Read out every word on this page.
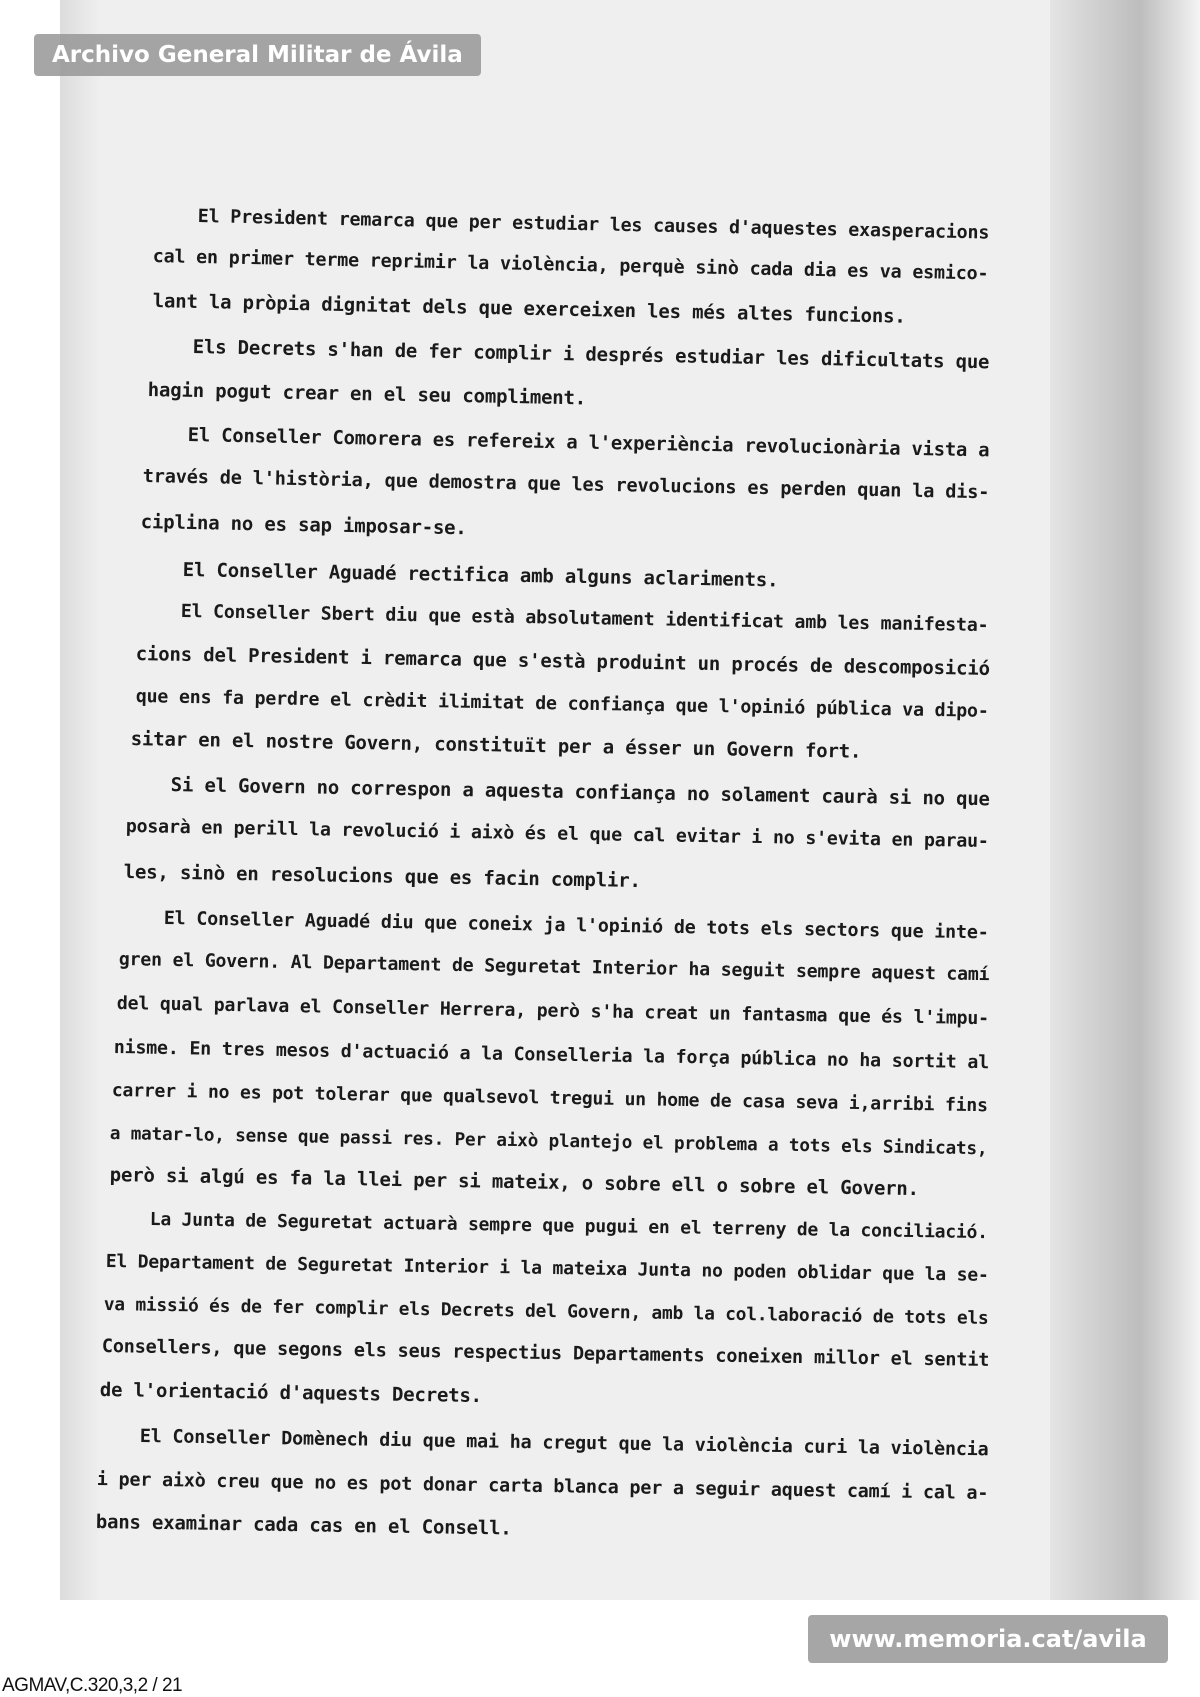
Archivo General Militar de Ávila
El President remarca que per estudiar les causes d'aquestes exasperacions
cal en primer terme reprimir la violència, perquè sinò cada dia es va esmico-
lant la pròpia dignitat dels que exerceixen les més altes funcions.
Els Decrets s'han de fer complir i després estudiar les dificultats que
hagin pogut crear en el seu compliment.
El Conseller Comorera es refereix a l'experiència revolucionària vista a
través de l'història, que demostra que les revolucions es perden quan la dis-
ciplina no es sap imposar-se.
El Conseller Aguadé rectifica amb alguns aclariments.
El Conseller Sbert diu que està absolutament identificat amb les manifesta-
cions del President i remarca que s'està produint un procés de descomposició
que ens fa perdre el crèdit ilimitat de confiança que l'opinió pública va dipo-
sitar en el nostre Govern, constituït per a ésser un Govern fort.
Si el Govern no correspon a aquesta confiança no solament caurà si no que
posarà en perill la revolució i això és el que cal evitar i no s'evita en parau-
les, sinò en resolucions que es facin complir.
El Conseller Aguadé diu que coneix ja l'opinió de tots els sectors que inte-
gren el Govern. Al Departament de Seguretat Interior ha seguit sempre aquest camí
del qual parlava el Conseller Herrera, però s'ha creat un fantasma que és l'impu-
nisme. En tres mesos d'actuació a la Conselleria la força pública no ha sortit al
carrer i no es pot tolerar que qualsevol tregui un home de casa seva i,arribi fins
a matar-lo, sense que passi res. Per això plantejo el problema a tots els Sindicats,
però si algú es fa la llei per si mateix, o sobre ell o sobre el Govern.
La Junta de Seguretat actuarà sempre que pugui en el terreny de la conciliació.
El Departament de Seguretat Interior i la mateixa Junta no poden oblidar que la se-
va missió és de fer complir els Decrets del Govern, amb la col.laboració de tots els
Consellers, que segons els seus respectius Departaments coneixen millor el sentit
de l'orientació d'aquests Decrets.
El Conseller Domènech diu que mai ha cregut que la violència curi la violència
i per això creu que no es pot donar carta blanca per a seguir aquest camí i cal a-
bans examinar cada cas en el Consell.
www.memoria.cat/avila
AGMAV,C.320,3,2 / 21
